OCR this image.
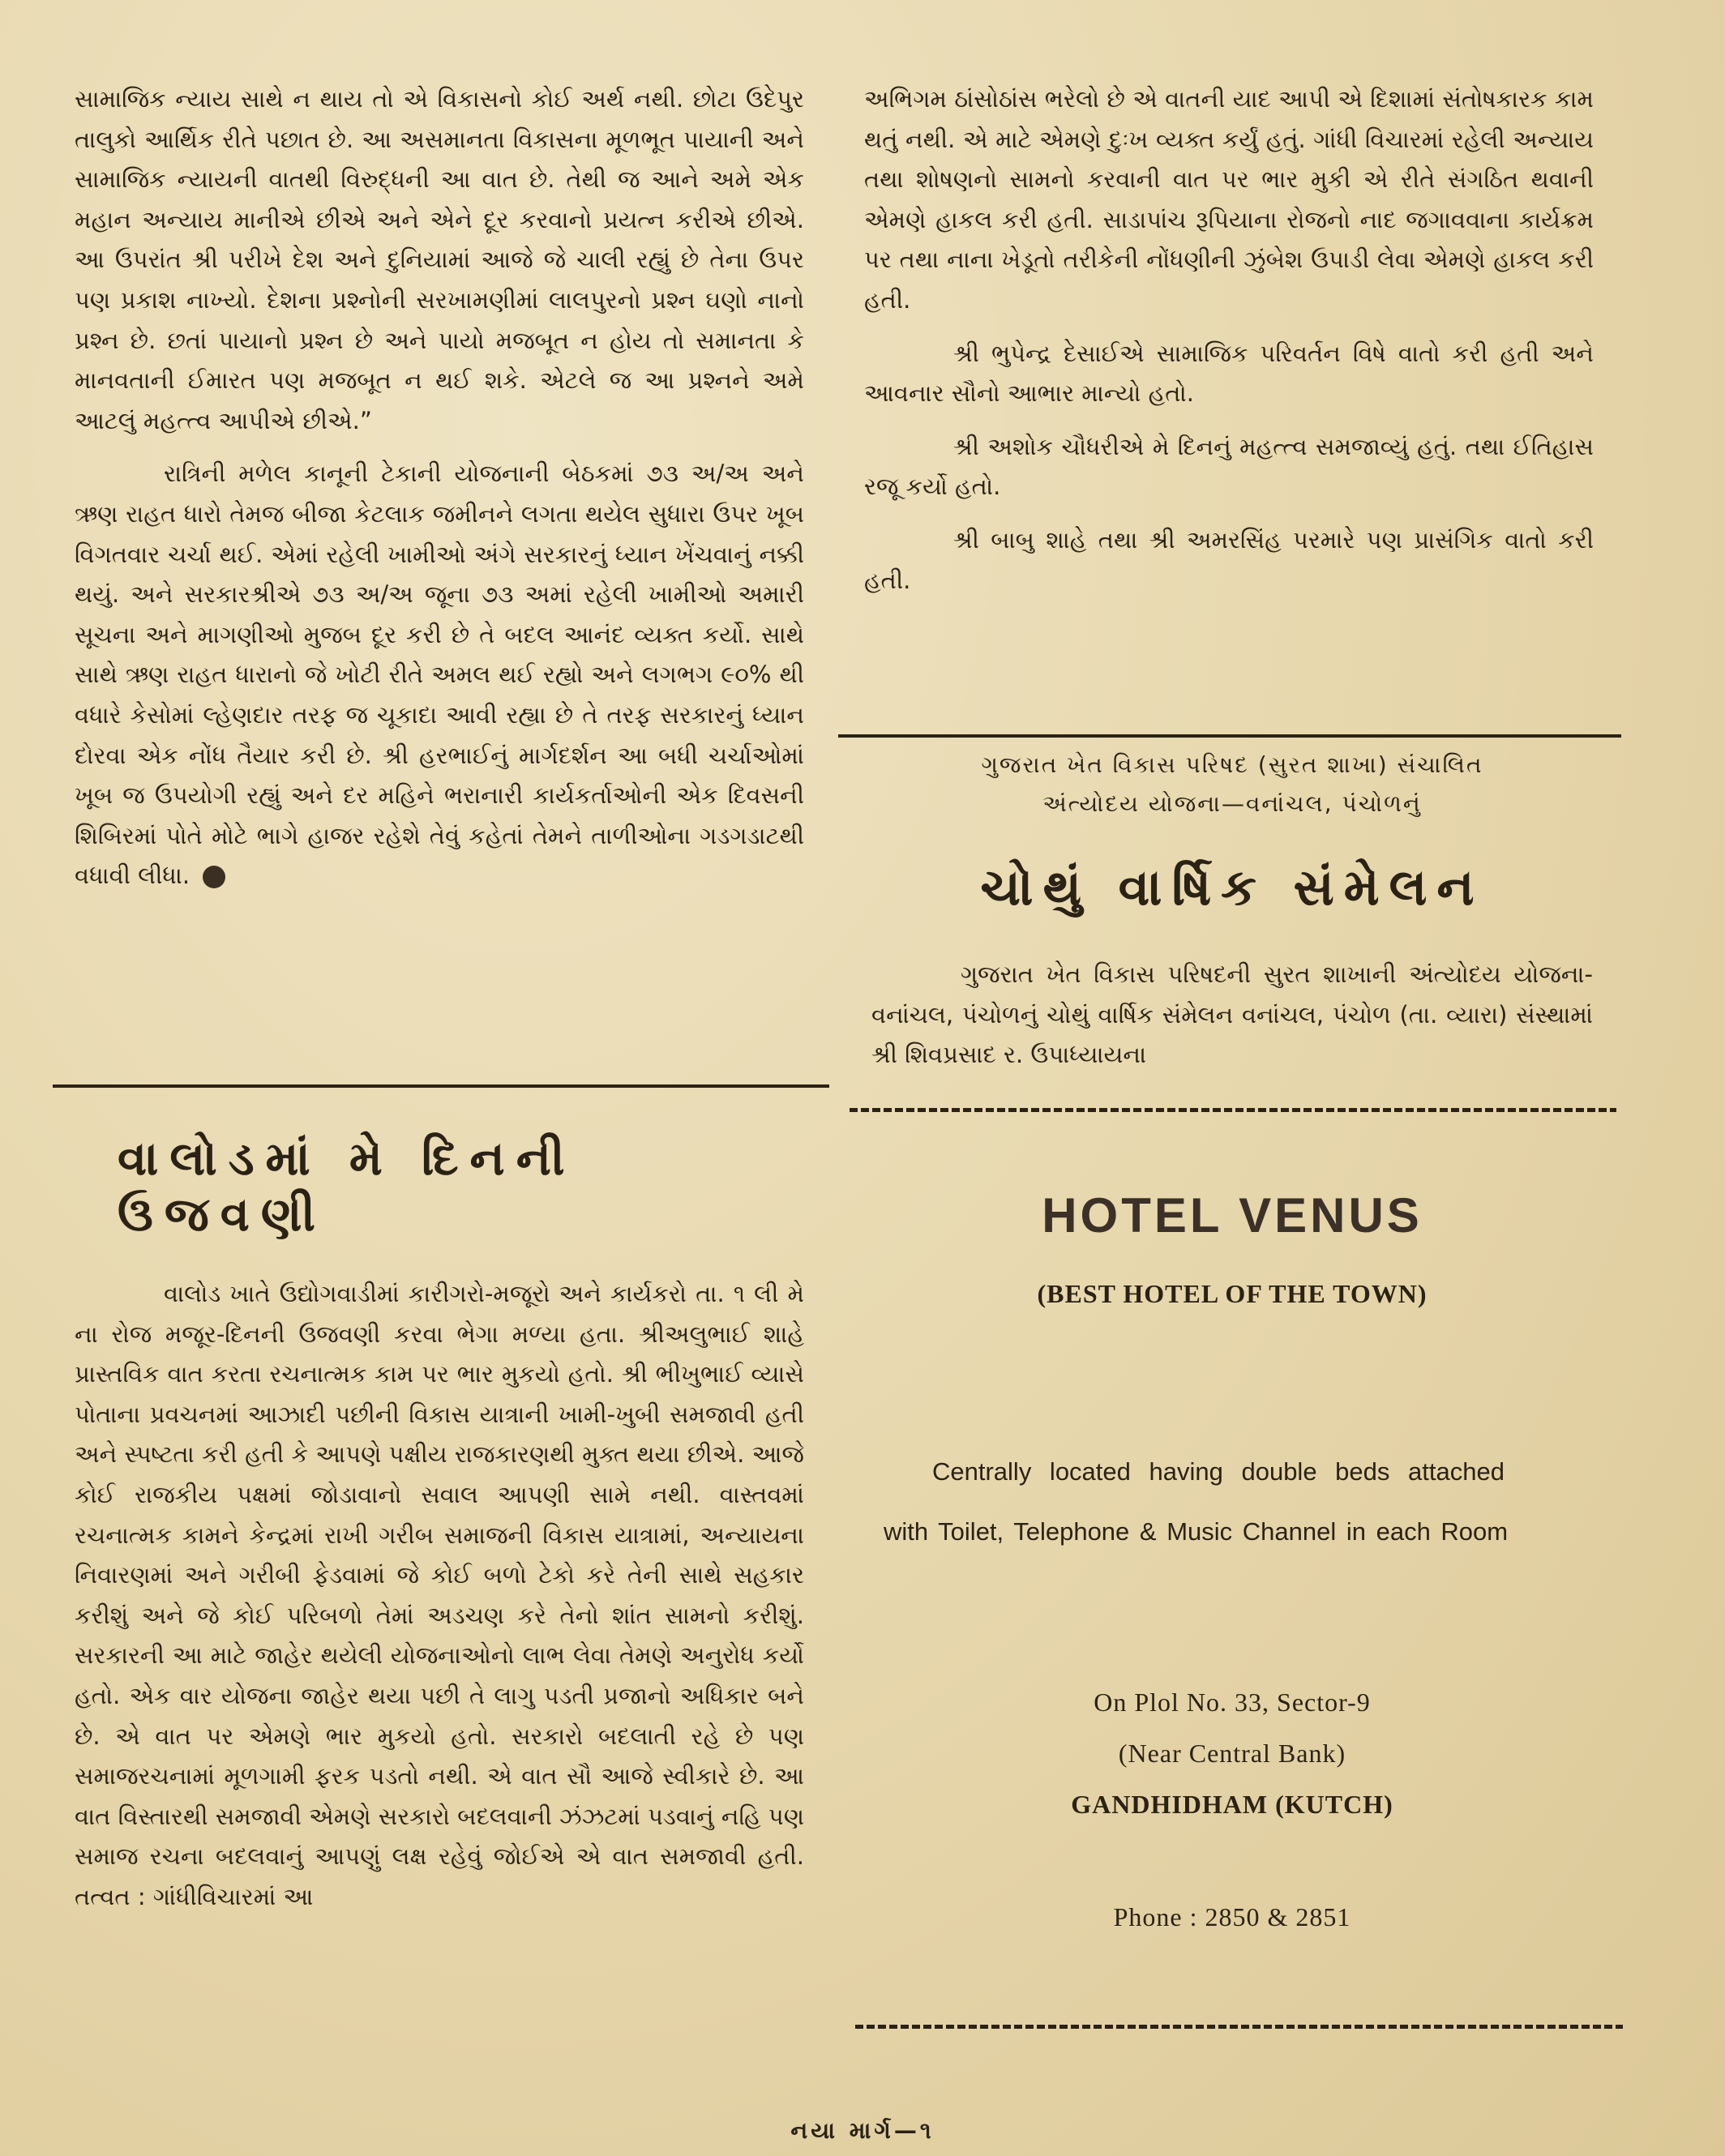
સામાજિક ન્યાય સાથે ન થાય તો એ વિકાસનો કોઈ અર્થ નથી. છોટા ઉદેપુર તાલુકો આર્થિક રીતે પછાત છે. આ અસમાનતા વિકાસના મૂળભૂત પાયાની અને સામાજિક ન્યાયની વાતથી વિરુદ્ધની આ વાત છે. તેથી જ આને અમે એક મહાન અન્યાય માનીએ છીએ અને એને દૂર કરવાનો પ્રયત્ન કરીએ છીએ. આ ઉપરાંત શ્રી પરીખે દેશ અને દુનિયામાં આજે જે ચાલી રહ્યું છે તેના ઉપર પણ પ્રકાશ નાખ્યો. દેશના પ્રશ્નોની સરખામણીમાં લાલપુરનો પ્રશ્ન ઘણો નાનો પ્રશ્ન છે. છતાં પાયાનો પ્રશ્ન છે અને પાયો મજબૂત ન હોય તો સમાનતા કે માનવતાની ઈમારત પણ મજબૂત ન થઈ શકે. એટલે જ આ પ્રશ્નને અમે આટલું મહત્ત્વ આપીએ છીએ.”

રાત્રિની મળેલ કાનૂની ટેકાની યોજનાની બેઠકમાં ૭૩ અ/અ અને ઋણ રાહત ધારો તેમજ બીજા કેટલાક જમીનને લગતા થયેલ સુધારા ઉપર ખૂબ વિગતવાર ચર્ચા થઈ. એમાં રહેલી ખામીઓ અંગે સરકારનું ધ્યાન ખેંચવાનું નક્કી થયું. અને સરકારશ્રીએ ૭૩ અ/અ જૂના ૭૩ અમાં રહેલી ખામીઓ અમારી સૂચના અને માગણીઓ મુજબ દૂર કરી છે તે બદલ આનંદ વ્યક્ત કર્યો. સાથે સાથે ઋણ રાહત ધારાનો જે ખોટી રીતે અમલ થઈ રહ્યો અને લગભગ ૯૦% થી વધારે કેસોમાં લ્હેણદાર તરફ જ ચૂકાદા આવી રહ્યા છે તે તરફ સરકારનું ધ્યાન દોરવા એક નોંધ તૈયાર કરી છે. શ્રી હરભાઈનું માર્ગદર્શન આ બધી ચર્ચાઓમાં ખૂબ જ ઉપયોગી રહ્યું અને દર મહિને ભરાનારી કાર્યકર્તાઓની એક દિવસની શિબિરમાં પોતે મોટે ભાગે હાજર રહેશે તેવું કહેતાં તેમને તાળીઓના ગડગડાટથી વધાવી લીધા.

વાલોડમાં મે દિનની ઉજવણી

વાલોડ ખાતે ઉદ્યોગવાડીમાં કારીગરો-મજૂરો અને કાર્યકરો તા. ૧ લી મે ના રોજ મજૂર-દિનની ઉજવણી કરવા ભેગા મળ્યા હતા. શ્રીઅલુભાઈ શાહે પ્રાસ્તવિક વાત કરતા રચનાત્મક કામ પર ભાર મુકયો હતો. શ્રી ભીખુભાઈ વ્યાસે પોતાના પ્રવચનમાં આઝાદી પછીની વિકાસ યાત્રાની ખામી-ખુબી સમજાવી હતી અને સ્પષ્ટતા કરી હતી કે આપણે પક્ષીય રાજકારણથી મુક્ત થયા છીએ. આજે કોઈ રાજકીય પક્ષમાં જોડાવાનો સવાલ આપણી સામે નથી. વાસ્તવમાં રચનાત્મક કામને કેન્દ્રમાં રાખી ગરીબ સમાજની વિકાસ યાત્રામાં, અન્યાયના નિવારણમાં અને ગરીબી ફેડવામાં જે કોઈ બળો ટેકો કરે તેની સાથે સહકાર કરીશું અને જે કોઈ પરિબળો તેમાં અડચણ કરે તેનો શાંત સામનો કરીશું. સરકારની આ માટે જાહેર થયેલી યોજનાઓનો લાભ લેવા તેમણે અનુરોધ કર્યો હતો. એક વાર યોજના જાહેર થયા પછી તે લાગુ પડતી પ્રજાનો અધિકાર બને છે. એ વાત પર એમણે ભાર મુકયો હતો. સરકારો બદલાતી રહે છે પણ સમાજરચનામાં મૂળગામી ફરક પડતો નથી. એ વાત સૌ આજે સ્વીકારે છે. આ વાત વિસ્તારથી સમજાવી એમણે સરકારો બદલવાની ઝંઝટમાં પડવાનું નહિ પણ સમાજ રચના બદલવાનું આપણું લક્ષ રહેવું જોઈએ એ વાત સમજાવી હતી. તત્વત : ગાંધીવિચારમાં આ

અભિગમ ઠાંસોઠાંસ ભરેલો છે એ વાતની યાદ આપી એ દિશામાં સંતોષકારક કામ થતું નથી. એ માટે એમણે દુઃખ વ્યક્ત કર્યું હતું. ગાંધી વિચારમાં રહેલી અન્યાય તથા શોષણનો સામનો કરવાની વાત પર ભાર મુકી એ રીતે સંગઠિત થવાની એમણે હાકલ કરી હતી. સાડાપાંચ રૂપિયાના રોજનો નાદ જગાવવાના કાર્યક્રમ પર તથા નાના ખેડૂતો તરીકેની નોંધણીની ઝુંબેશ ઉપાડી લેવા એમણે હાકલ કરી હતી.

શ્રી ભુપેન્દ્ર દેસાઈએ સામાજિક પરિવર્તન વિષે વાતો કરી હતી અને આવનાર સૌનો આભાર માન્યો હતો.

શ્રી અશોક ચૌધરીએ મે દિનનું મહત્ત્વ સમજાવ્યું હતું. તથા ઈતિહાસ રજૂ કર્યો હતો.

શ્રી બાબુ શાહે તથા શ્રી અમરસિંહ પરમારે પણ પ્રાસંગિક વાતો કરી હતી.

ગુજરાત ખેત વિકાસ પરિષદ (સુરત શાખા) સંચાલિત
અંત્યોદય યોજના—વનાંચલ, પંચોળનું
ચોથું વાર્ષિક સંમેલન

ગુજરાત ખેત વિકાસ પરિષદની સુરત શાખાની અંત્યોદય યોજના-વનાંચલ, પંચોળનું ચોથું વાર્ષિક સંમેલન વનાંચલ, પંચોળ (તા. વ્યારા) સંસ્થામાં શ્રી શિવપ્રસાદ ર. ઉપાધ્યાયના

HOTEL VENUS
(BEST HOTEL OF THE TOWN)
Centrally located having double beds attached
with Toilet, Telephone & Music Channel in each Room
On Plol No. 33, Sector-9
(Near Central Bank)
GANDHIDHAM (KUTCH)
Phone : 2850 & 2851
નયા માર્ગ—૧
